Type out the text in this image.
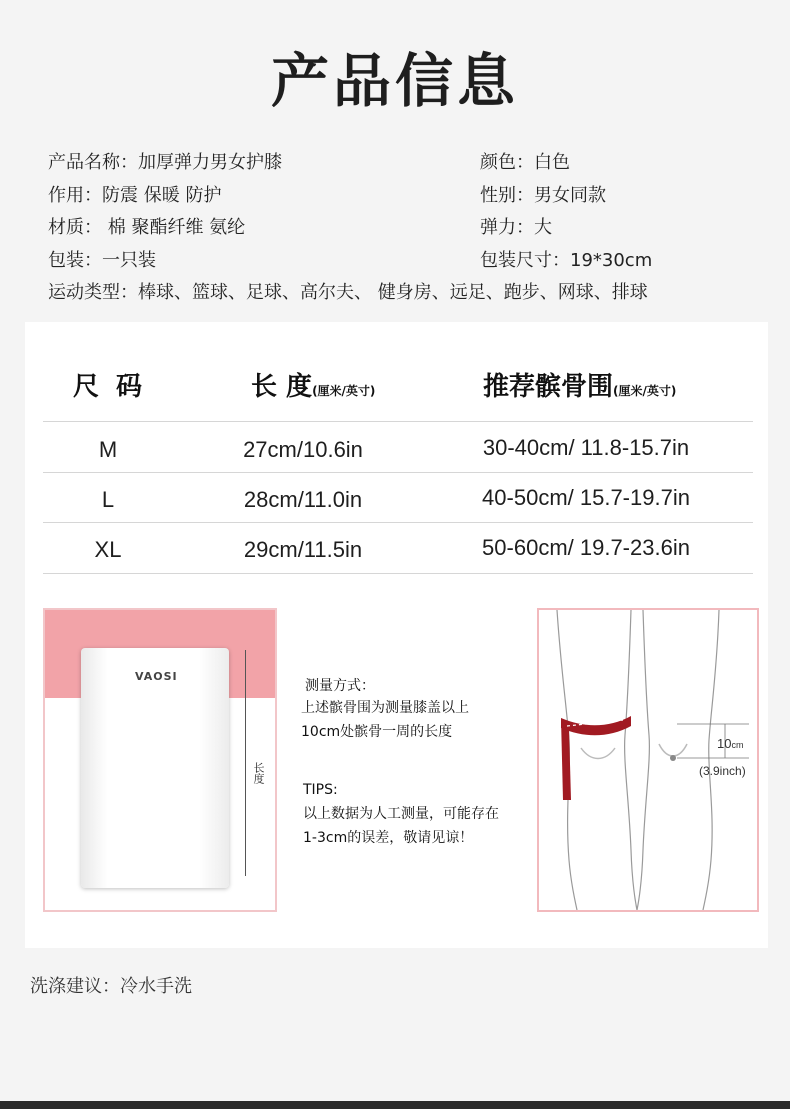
产品信息
产品名称：加厚弹力男女护膝	颜色：白色
作用：防震 保暖 防护	性别：男女同款
材质： 棉 聚酯纤维 氨纶	弹力：大
包装：一只装	包装尺寸：19*30cm
运动类型：棒球、篮球、足球、高尔夫、 健身房、远足、跑步、网球、排球
尺 码	长 度(厘米/英寸)	推荐髌骨围(厘米/英寸)
M	27cm/10.6in	30-40cm/ 11.8-15.7in
L	28cm/11.0in	40-50cm/ 15.7-19.7in
XL	29cm/11.5in	50-60cm/ 19.7-23.6in
VAOSI
长度
测量方式：
上述髌骨围为测量膝盖以上
10cm处髌骨一周的长度
TIPS:
以上数据为人工测量，可能存在
1-3cm的误差，敬请见谅！
10cm
(3.9inch)
洗涤建议：冷水手洗
